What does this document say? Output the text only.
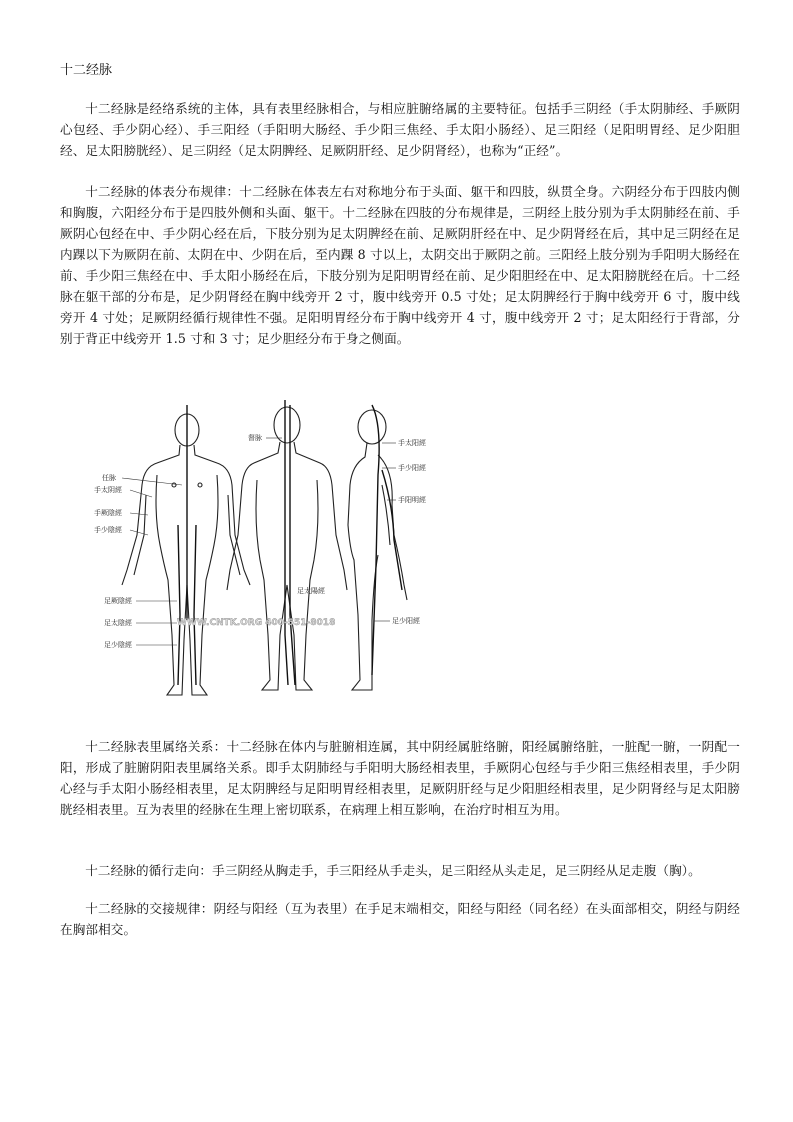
十二经脉

十二经脉是经络系统的主体，具有表里经脉相合，与相应脏腑络属的主要特征。包括手三阴经（手太阴肺经、手厥阴心包经、手少阴心经）、手三阳经（手阳明大肠经、手少阳三焦经、手太阳小肠经）、足三阳经（足阳明胃经、足少阳胆经、足太阳膀胱经）、足三阴经（足太阴脾经、足厥阴肝经、足少阴肾经），也称为“正经”。

十二经脉的体表分布规律：十二经脉在体表左右对称地分布于头面、躯干和四肢，纵贯全身。六阴经分布于四肢内侧和胸腹，六阳经分布于是四肢外侧和头面、躯干。十二经脉在四肢的分布规律是，三阴经上肢分别为手太阴肺经在前、手厥阴心包经在中、手少阴心经在后，下肢分别为足太阴脾经在前、足厥阴肝经在中、足少阴肾经在后，其中足三阴经在足内踝以下为厥阴在前、太阴在中、少阴在后，至内踝 8 寸以上，太阴交出于厥阴之前。三阳经上肢分别为手阳明大肠经在前、手少阳三焦经在中、手太阳小肠经在后，下肢分别为足阳明胃经在前、足少阳胆经在中、足太阳膀胱经在后。十二经脉在躯干部的分布是，足少阴肾经在胸中线旁开 2 寸，腹中线旁开 0.5 寸处；足太阴脾经行于胸中线旁开 6 寸，腹中线旁开 4 寸处；足厥阴经循行规律性不强。足阳明胃经分布于胸中线旁开 4 寸，腹中线旁开 2 寸；足太阳经行于背部，分别于背正中线旁开 1.5 寸和 3 寸；足少胆经分布于身之侧面。

任脉
手太阴經
手厥陰經
手少陰經
足厥陰經
足太陰經
足少陰經
督脉
足太陽經
手太阳經
手少阳經
手阳明經
足少阳經
WWW.CNTK.ORG 400-551-8018

十二经脉表里属络关系：十二经脉在体内与脏腑相连属，其中阴经属脏络腑，阳经属腑络脏，一脏配一腑，一阴配一阳，形成了脏腑阴阳表里属络关系。即手太阴肺经与手阳明大肠经相表里，手厥阴心包经与手少阳三焦经相表里，手少阴心经与手太阳小肠经相表里，足太阴脾经与足阳明胃经相表里，足厥阴肝经与足少阳胆经相表里，足少阴肾经与足太阳膀胱经相表里。互为表里的经脉在生理上密切联系，在病理上相互影响，在治疗时相互为用。

十二经脉的循行走向：手三阴经从胸走手，手三阳经从手走头，足三阳经从头走足，足三阴经从足走腹（胸）。

十二经脉的交接规律：阴经与阳经（互为表里）在手足末端相交，阳经与阳经（同名经）在头面部相交，阴经与阴经在胸部相交。
